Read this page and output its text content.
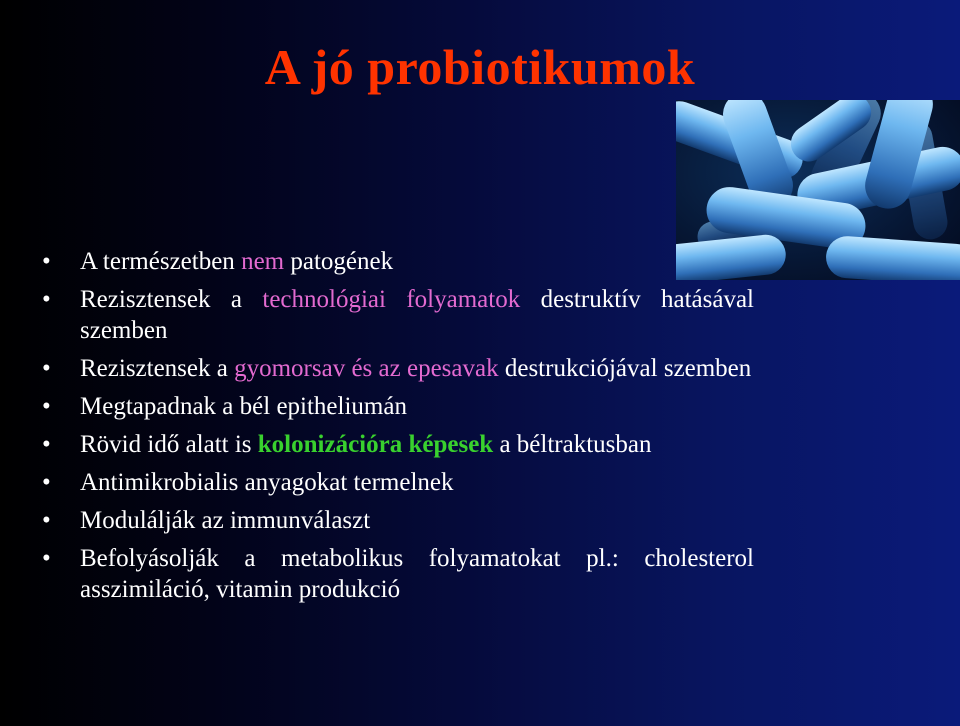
A jó probiotikumok
• A természetben nem patogének
• Rezisztensek a technológiai folyamatok destruktív hatásával szemben
• Rezisztensek a gyomorsav és az epesavak destrukciójával szemben
• Megtapadnak a bél epitheliumán
• Rövid idő alatt is kolonizációra képesek a béltraktusban
• Antimikrobialis anyagokat termelnek
• Modulálják az immunválaszt
• Befolyásolják a metabolikus folyamatokat pl.: cholesterol asszimiláció, vitamin produkció
